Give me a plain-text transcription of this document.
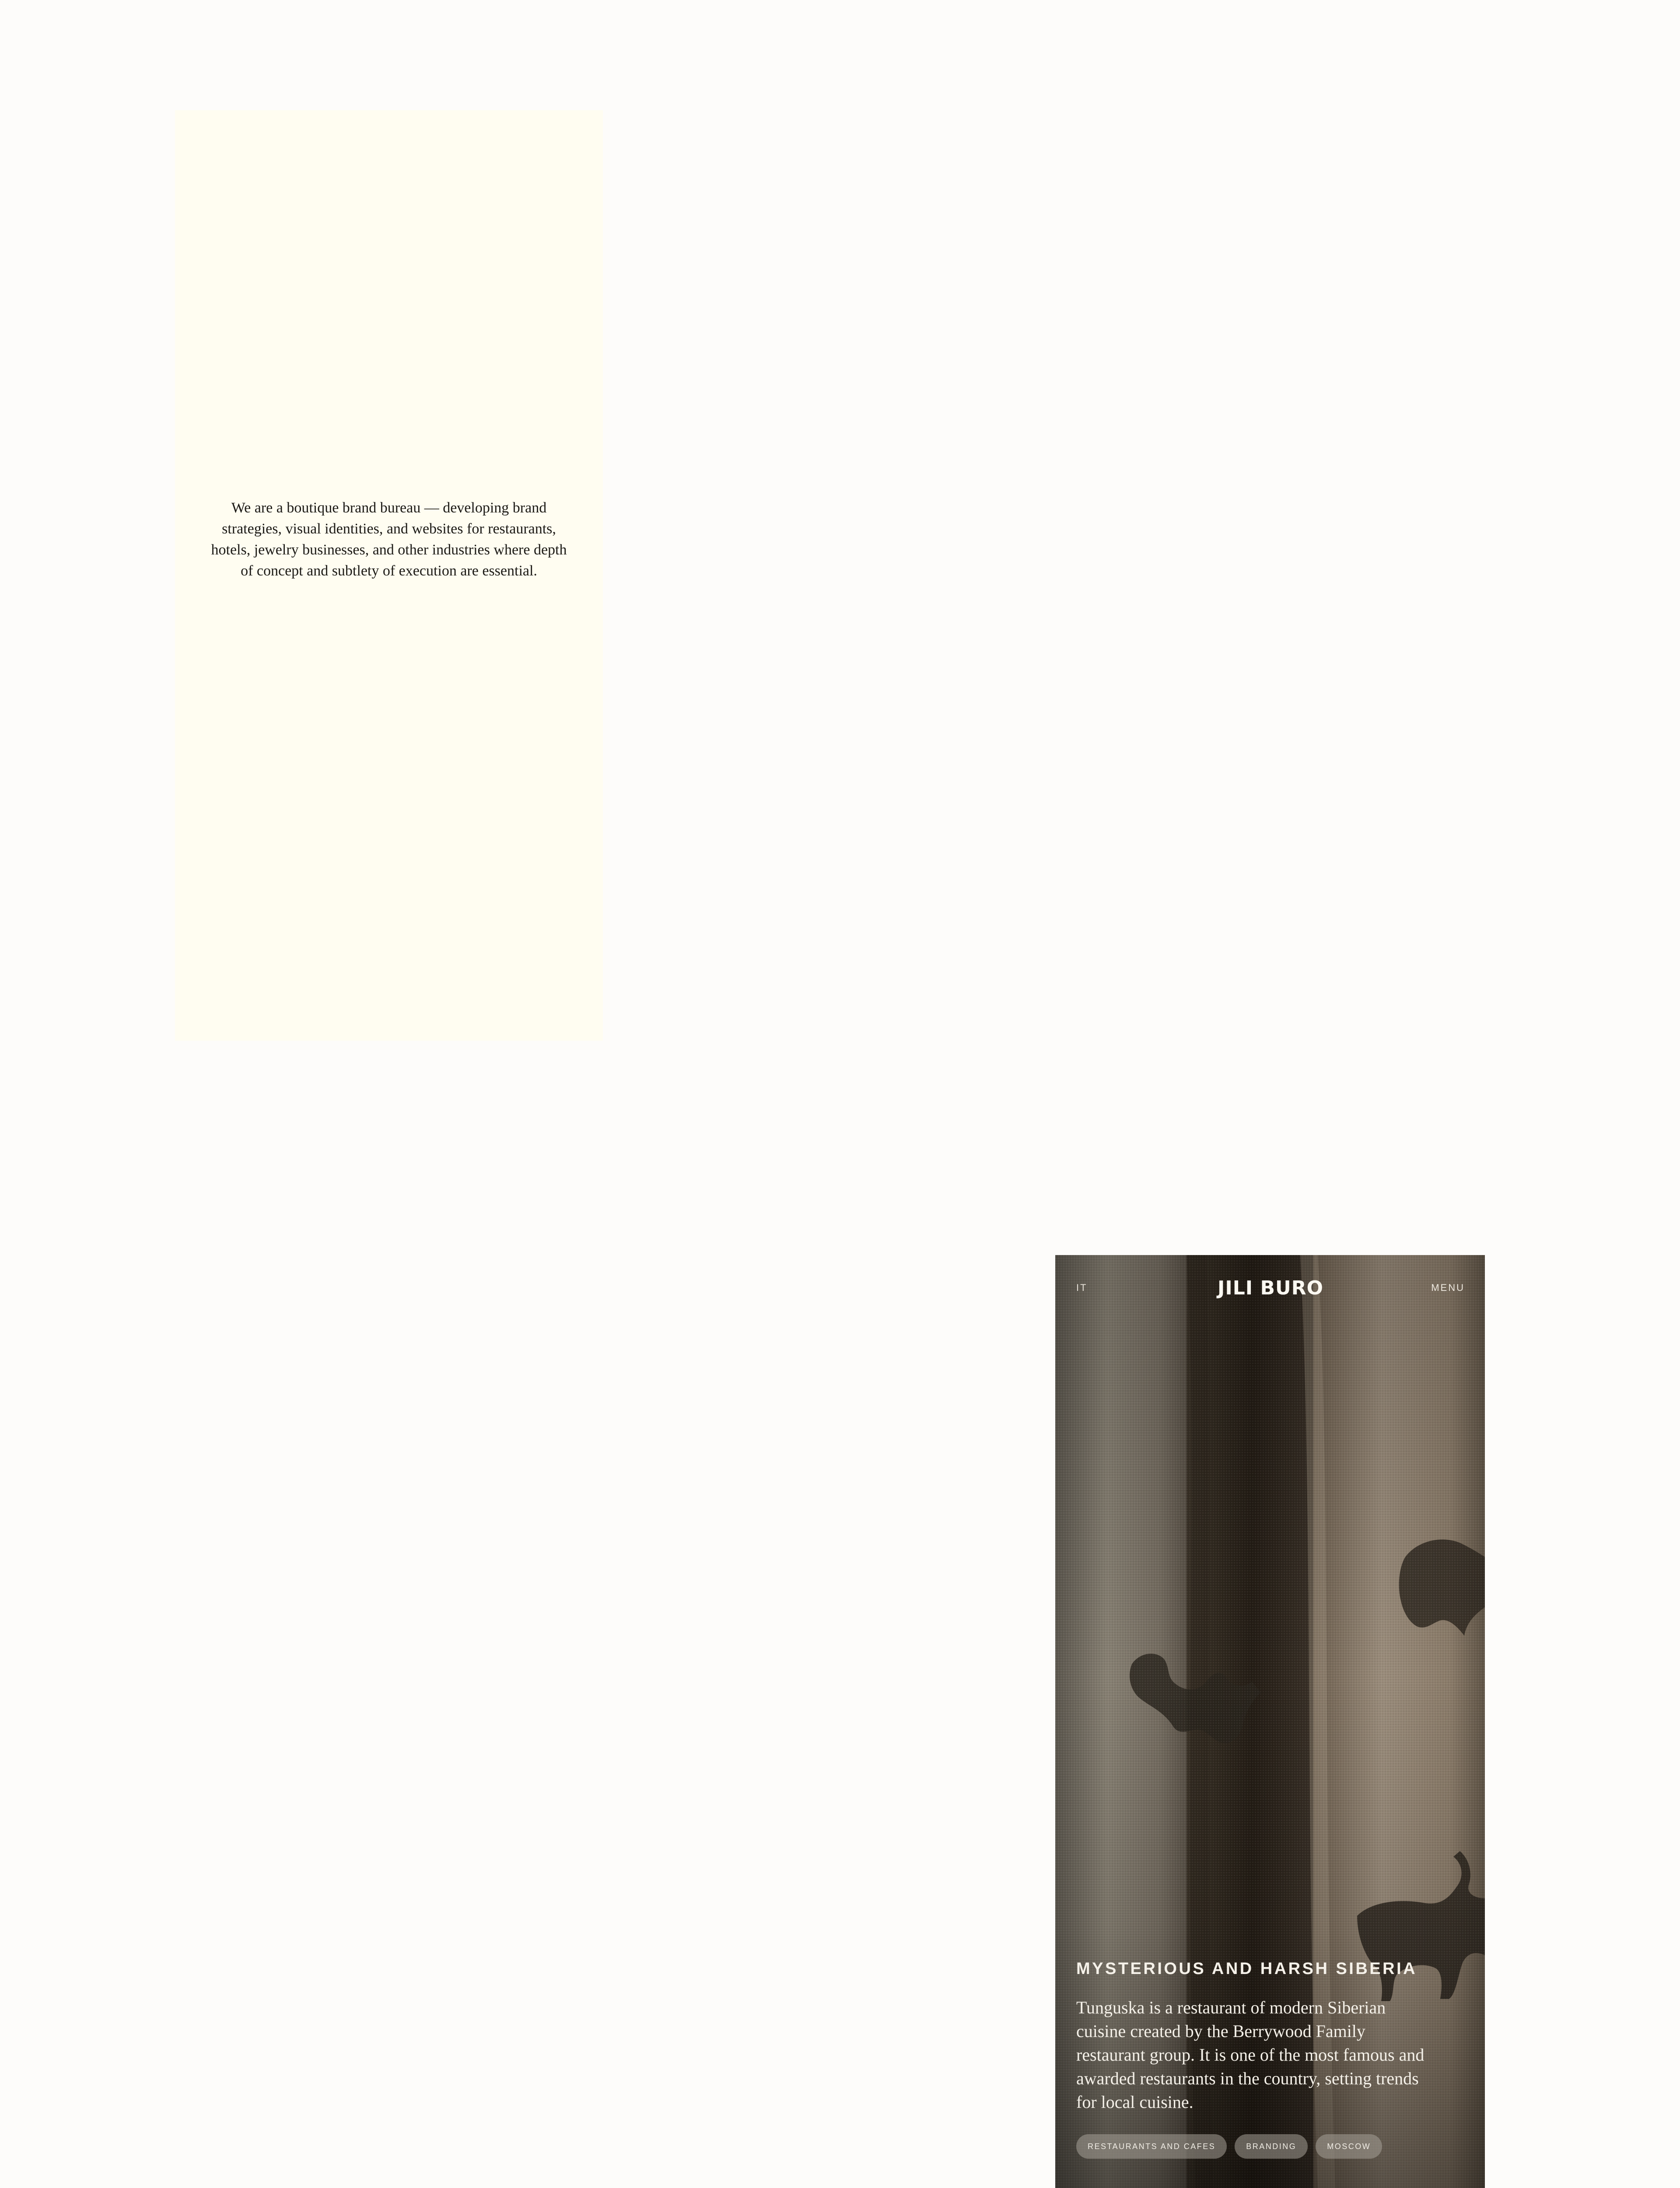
We are a boutique brand bureau — developing brand strategies, visual identities, and websites for restaurants, hotels, jewelry businesses, and other industries where depth of concept and subtlety of execution are essential.

IT	JILI BURO	MENU
MYSTERIOUS AND HARSH SIBERIA

Tunguska is a restaurant of modern Siberian cuisine created by the Berrywood Family restaurant group. It is one of the most famous and awarded restaurants in the country, setting trends for local cuisine.

RESTAURANTS AND CAFES	BRANDING	MOSCOW
